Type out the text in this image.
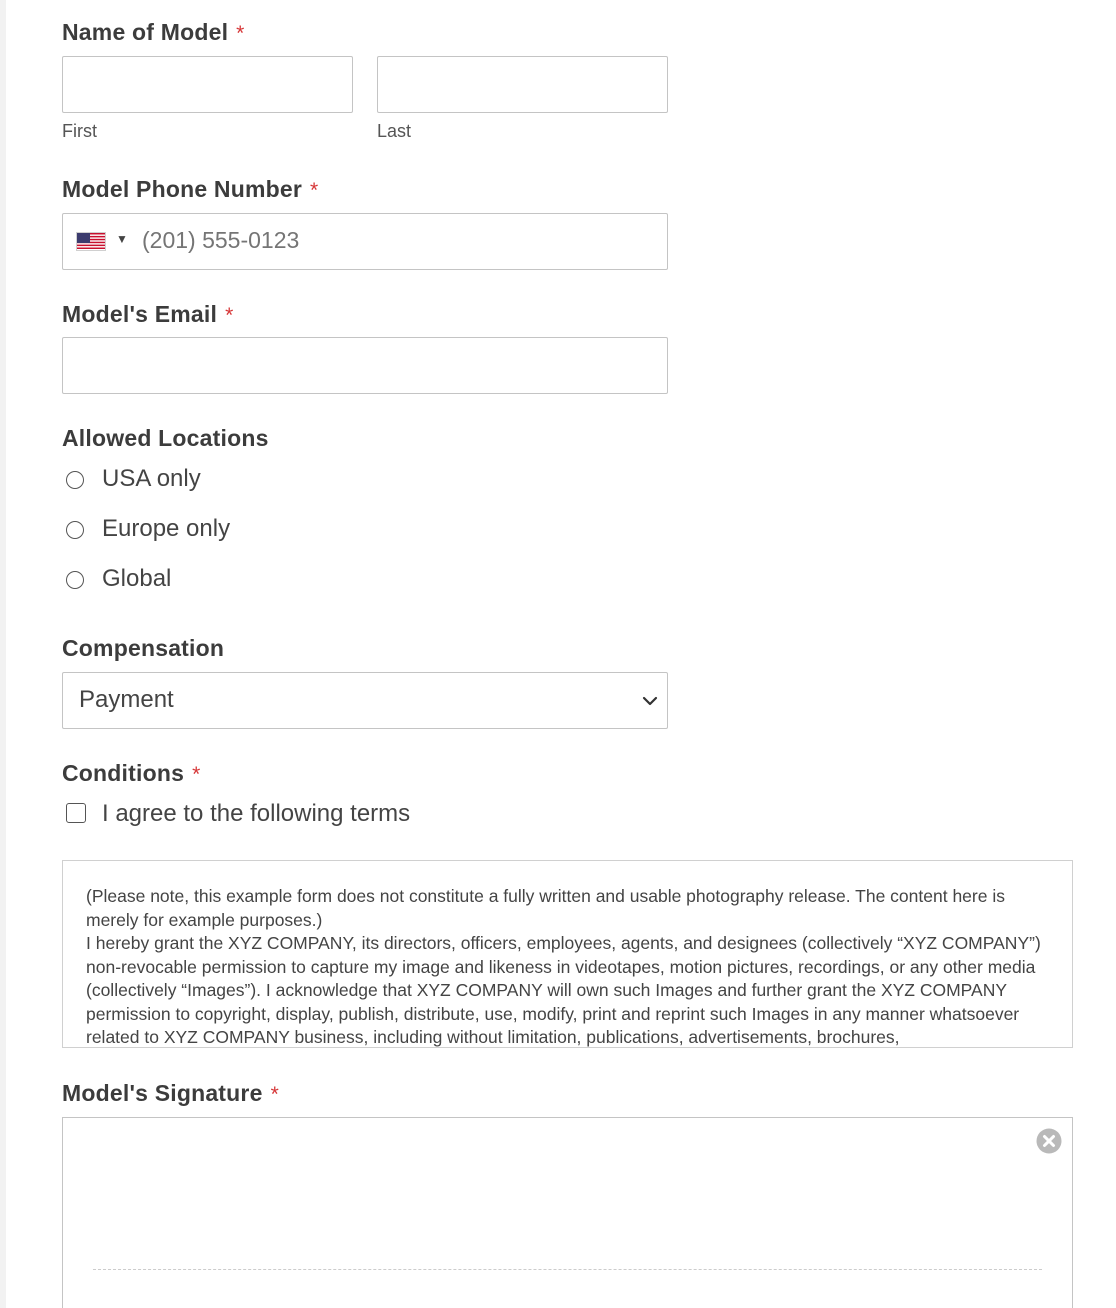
Name of Model *
First	Last
Model Phone Number *
▼ (201) 555-0123
Model's Email *
Allowed Locations
USA only
Europe only
Global
Compensation
Payment
Conditions *
I agree to the following terms

(Please note, this example form does not constitute a fully written and usable photography release. The content here is merely for example purposes.)

I hereby grant the XYZ COMPANY, its directors, officers, employees, agents, and designees (collectively “XYZ COMPANY”) non-revocable permission to capture my image and likeness in videotapes, motion pictures, recordings, or any other media (collectively “Images”). I acknowledge that XYZ COMPANY will own such Images and further grant the XYZ COMPANY permission to copyright, display, publish, distribute, use, modify, print and reprint such Images in any manner whatsoever related to XYZ COMPANY business, including without limitation, publications, advertisements, brochures,

Model's Signature *
